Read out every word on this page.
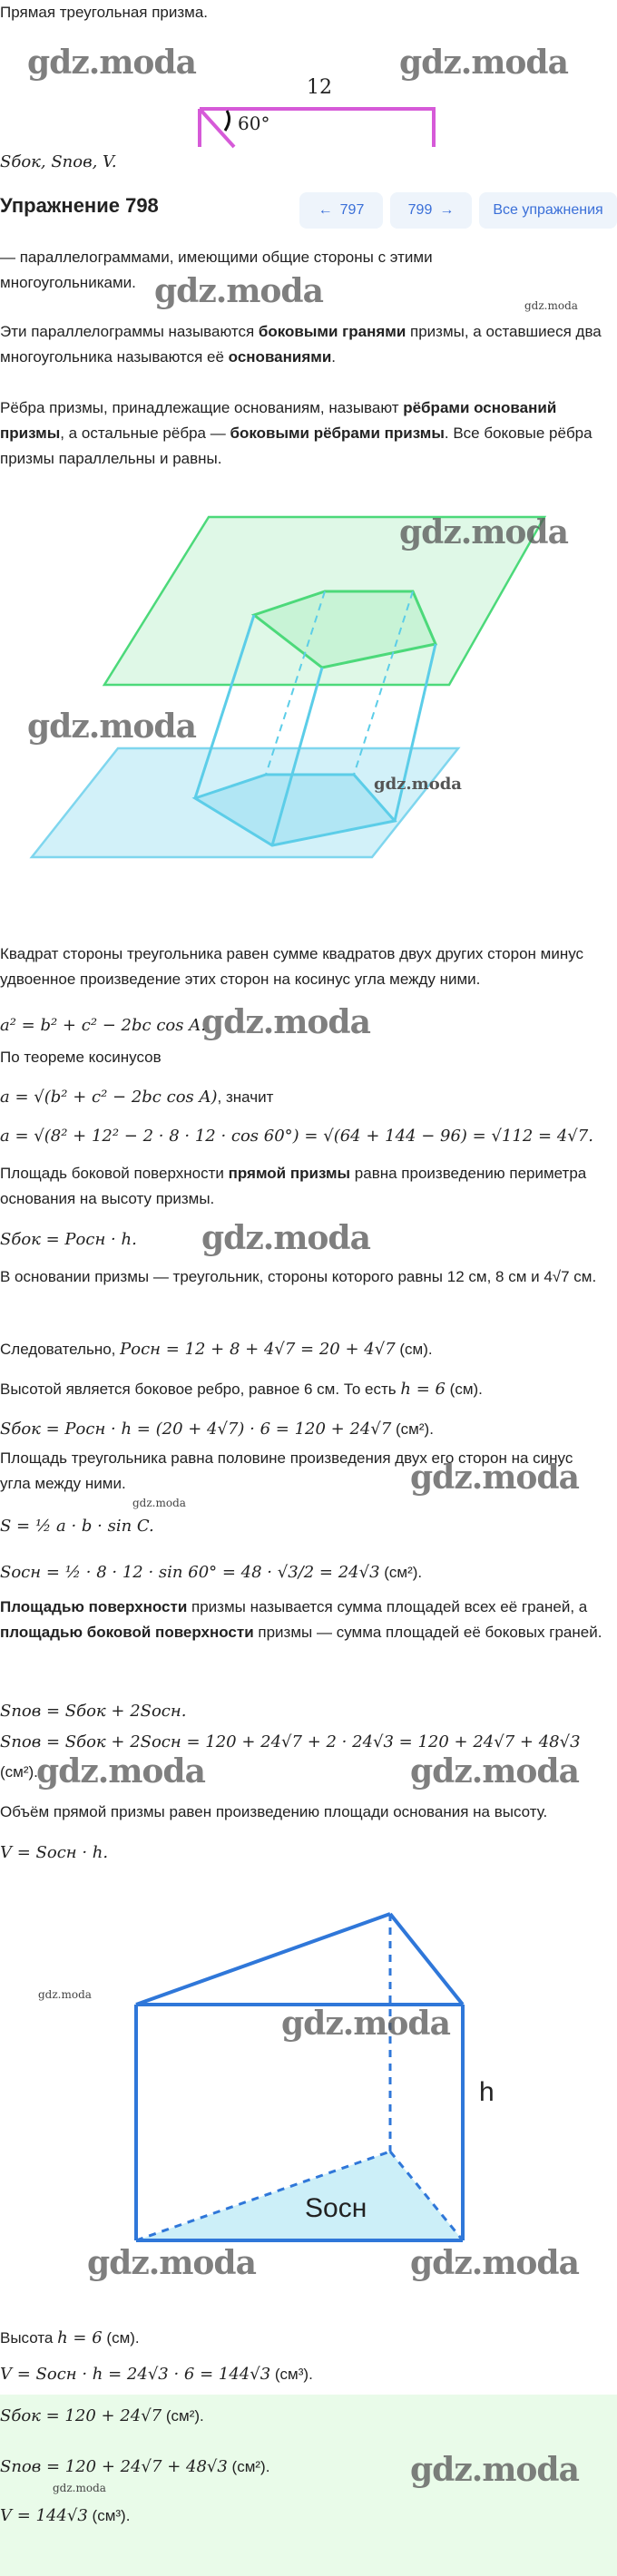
Прямая треугольная призма.
gdz.moda	gdz.moda
12
60°
Sбок, Sпов, V.
Упражнение 798	← 797	799 →	Все упражнения
— параллелограммами, имеющими общие стороны с этими многоугольниками. gdz.moda	gdz.moda
Эти параллелограммы называются боковыми гранями призмы, а оставшиеся два многоугольника называются её основаниями.
Рёбра призмы, принадлежащие основаниям, называют рёбрами оснований призмы, а остальные рёбра — боковыми рёбрами призмы. Все боковые рёбра призмы параллельны и равны.
gdz.moda
gdz.moda
gdz.moda
Квадрат стороны треугольника равен сумме квадратов двух других сторон минус удвоенное произведение этих сторон на косинус угла между ними.
a² = b² + c² − 2bc cos A.
gdz.moda
По теореме косинусов
a = √(b² + c² − 2bc cos A), значит
a = √(8² + 12² − 2 · 8 · 12 · cos 60°) = √(64 + 144 − 96) = √112 = 4√7.
Площадь боковой поверхности прямой призмы равна произведению периметра основания на высоту призмы.
Sбок = Pосн · h. gdz.moda
В основании призмы — треугольник, стороны которого равны 12 см, 8 см и 4√7 см.
Следовательно, Pосн = 12 + 8 + 4√7 = 20 + 4√7 (см).
Высотой является боковое ребро, равное 6 см. То есть h = 6 (см).
Sбок = Pосн · h = (20 + 4√7) · 6 = 120 + 24√7 (см²).
Площадь треугольника равна половине произведения двух его сторон на синус угла между ними.
gdz.moda
gdz.moda
S = ½ a · b · sin C.
Sосн = ½ · 8 · 12 · sin 60° = 48 · √3/2 = 24√3 (см²).
Площадью поверхности призмы называется сумма площадей всех её граней, а площадью боковой поверхности призмы — сумма площадей её боковых граней.
Sпов = Sбок + 2Sосн.
Sпов = Sбок + 2Sосн = 120 + 24√7 + 2 · 24√3 = 120 + 24√7 + 48√3
(см²).
gdz.moda	gdz.moda
Объём прямой призмы равен произведению площади основания на высоту.
V = Sосн · h.
h
Sосн
gdz.moda
gdz.moda
gdz.moda	gdz.moda
Высота h = 6 (см).
V = Sосн · h = 24√3 · 6 = 144√3 (см³).
Sбок = 120 + 24√7 (см²).
Sпов = 120 + 24√7 + 48√3 (см²).
gdz.moda	gdz.moda
V = 144√3 (см³).
